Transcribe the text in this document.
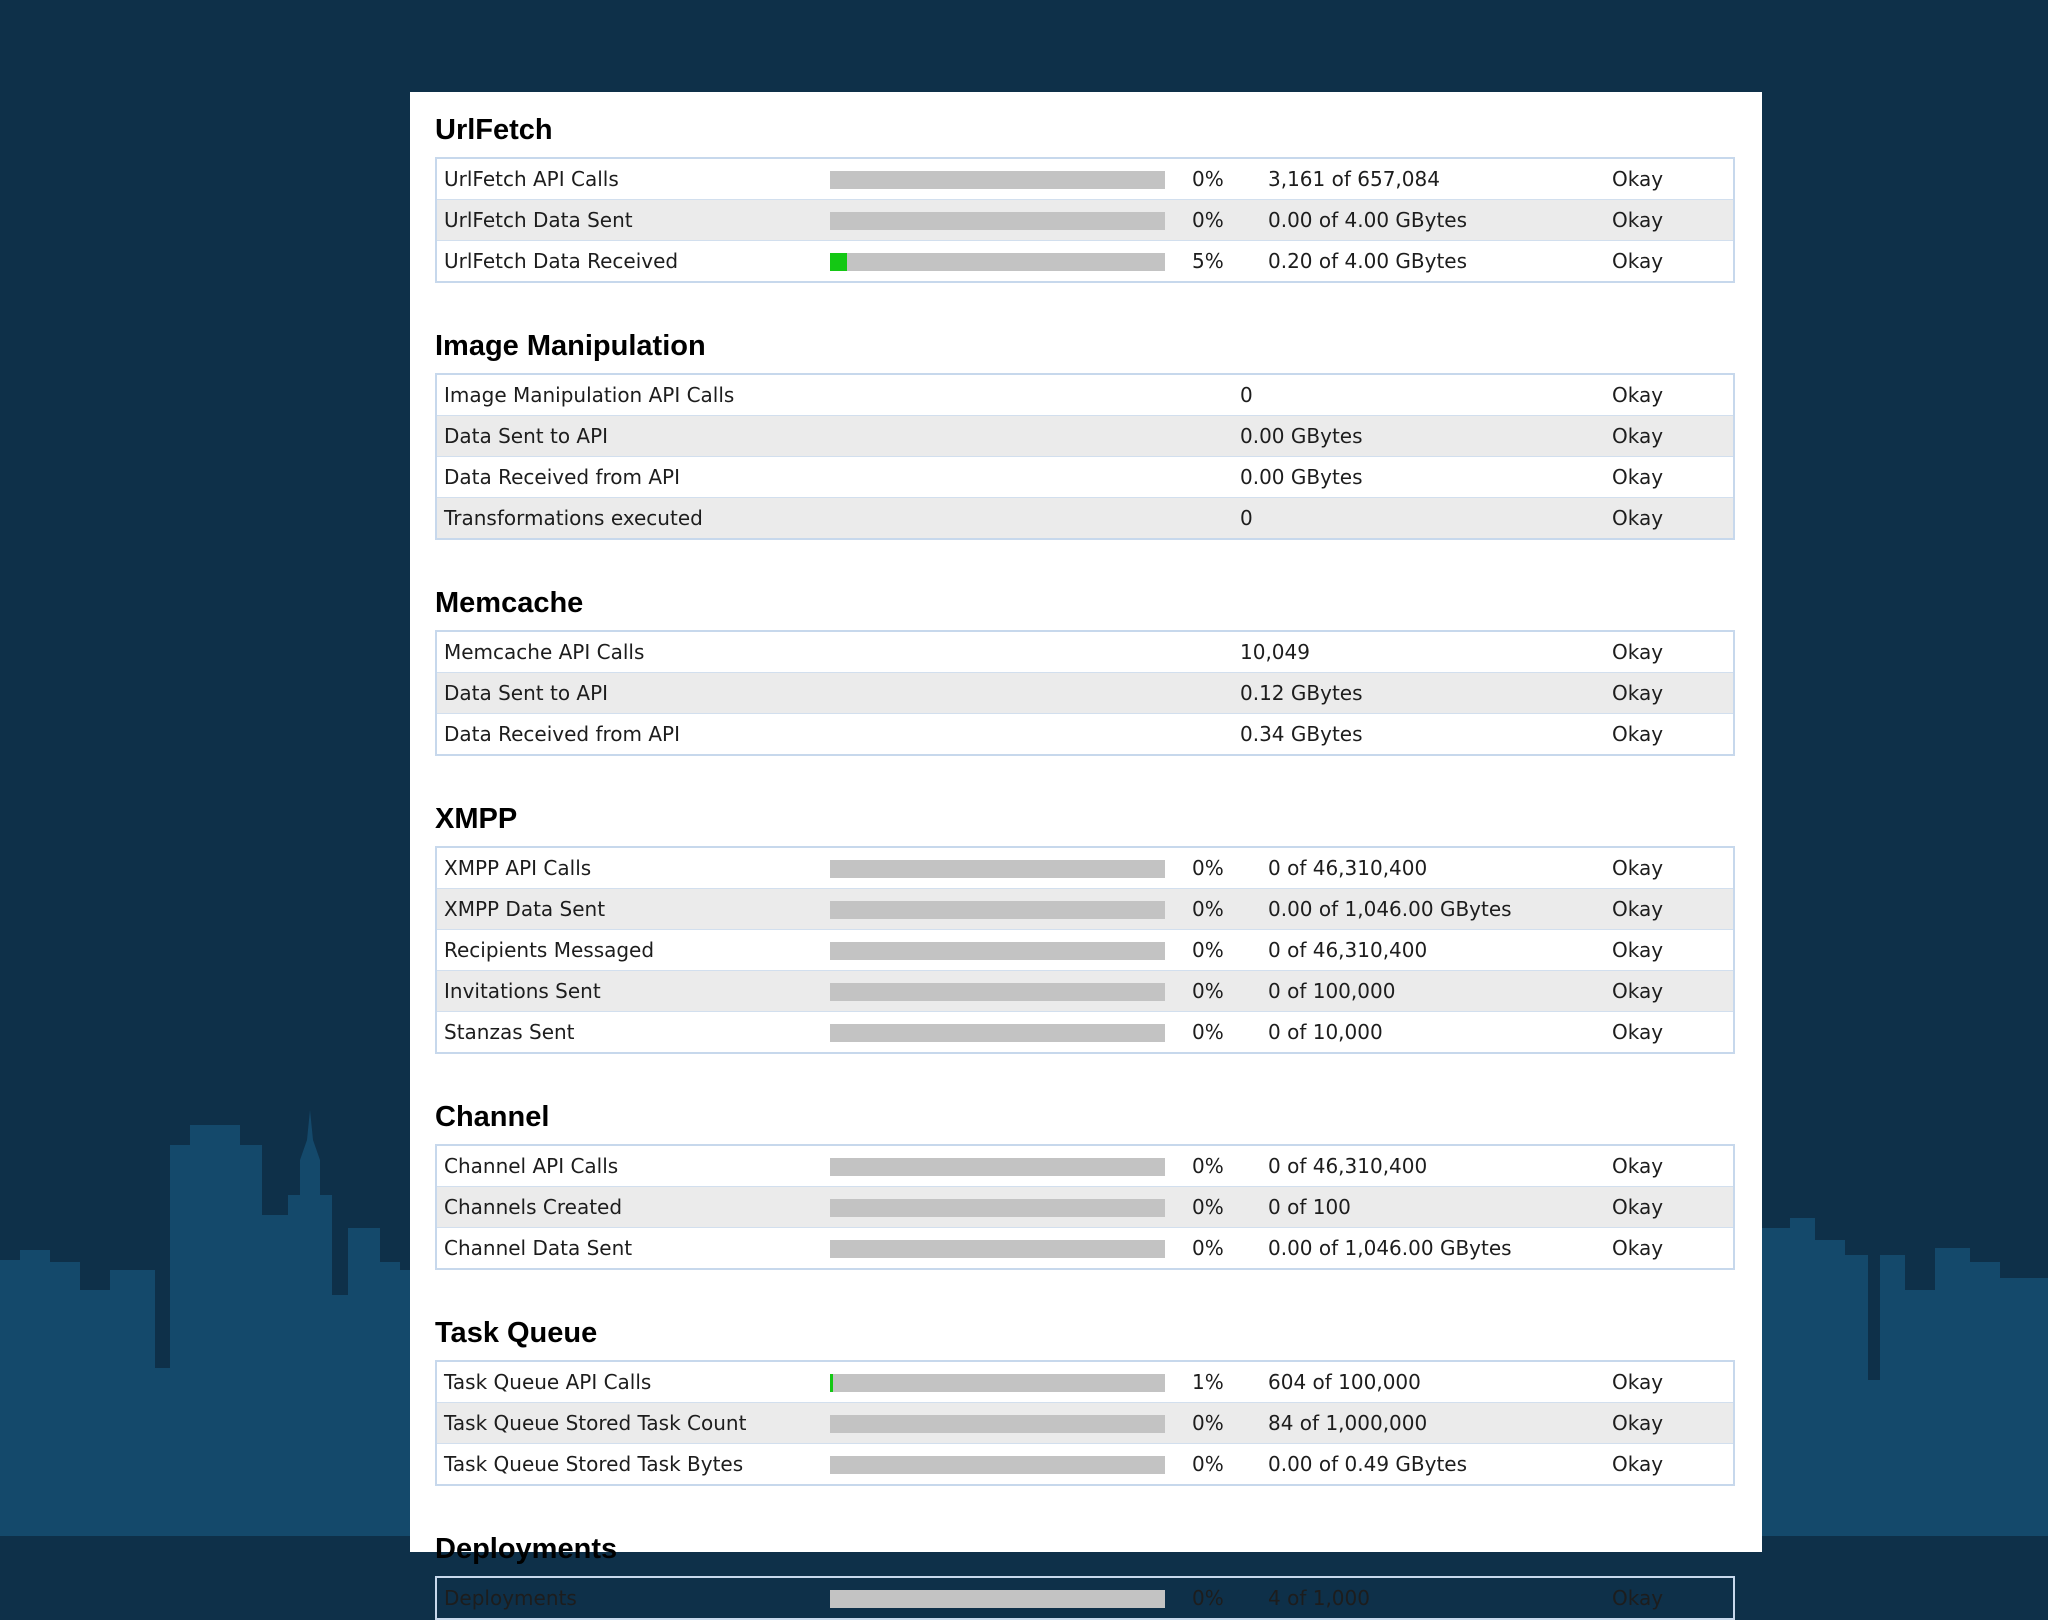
UrlFetch
UrlFetch API Calls	0% 3,161 of 657,084	Okay
UrlFetch Data Sent	0% 0.00 of 4.00 GBytes	Okay
UrlFetch Data Received	5% 0.20 of 4.00 GBytes	Okay
Image Manipulation
Image Manipulation API Calls	0	Okay
Data Sent to API	0.00 GBytes	Okay
Data Received from API	0.00 GBytes	Okay
Transformations executed	0	Okay
Memcache
Memcache API Calls	10,049	Okay
Data Sent to API	0.12 GBytes	Okay
Data Received from API	0.34 GBytes	Okay
XMPP
XMPP API Calls	0% 0 of 46,310,400	Okay
XMPP Data Sent	0% 0.00 of 1,046.00 GBytes	Okay
Recipients Messaged	0% 0 of 46,310,400	Okay
Invitations Sent	0% 0 of 100,000	Okay
Stanzas Sent	0% 0 of 10,000	Okay
Channel
Channel API Calls	0% 0 of 46,310,400	Okay
Channels Created	0% 0 of 100	Okay
Channel Data Sent	0% 0.00 of 1,046.00 GBytes	Okay
Task Queue
Task Queue API Calls	1% 604 of 100,000	Okay
Task Queue Stored Task Count	0% 84 of 1,000,000	Okay
Task Queue Stored Task Bytes	0% 0.00 of 0.49 GBytes	Okay
Deployments
Deployments	0% 4 of 1,000	Okay
